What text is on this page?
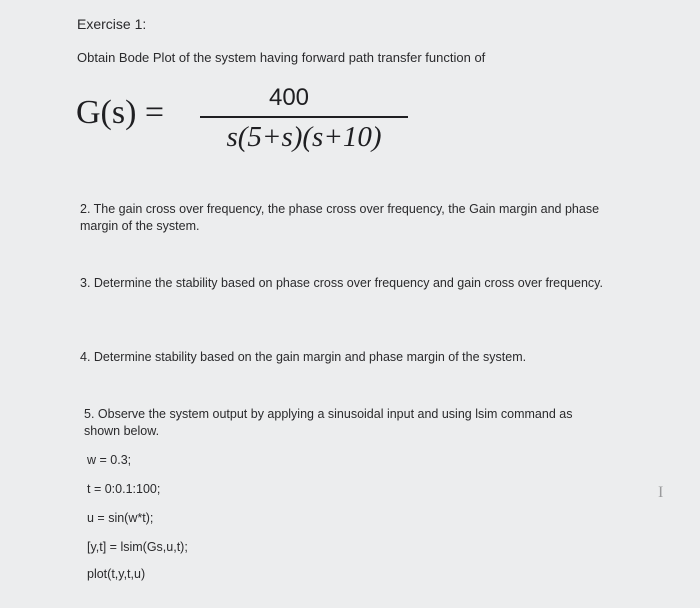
Exercise 1:
Obtain Bode Plot of the system having forward path transfer function of
G(s) =	400
s(5+s)(s+10)
2. The gain cross over frequency, the phase cross over frequency, the Gain margin and phase margin of the system.
3. Determine the stability based on phase cross over frequency and gain cross over frequency.
4. Determine stability based on the gain margin and phase margin of the system.
5. Observe the system output by applying a sinusoidal input and using lsim command as shown below.
w = 0.3;
t = 0:0.1:100;
u = sin(w*t);
[y,t] = lsim(Gs,u,t);
plot(t,y,t,u)
I
